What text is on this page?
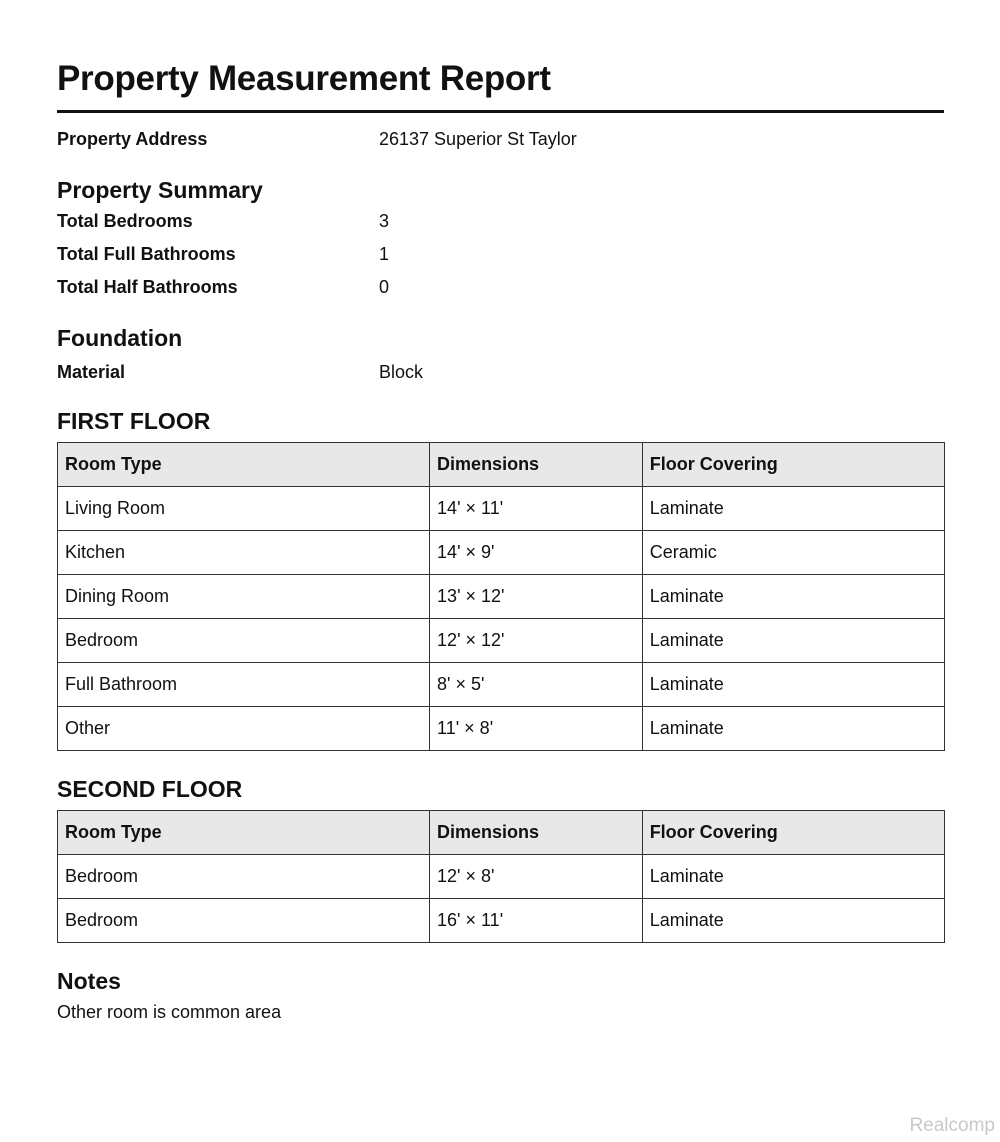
Property Measurement Report
Property Address	26137 Superior St Taylor
Property Summary
Total Bedrooms	3
Total Full Bathrooms	1
Total Half Bathrooms	0
Foundation
Material	Block
FIRST FLOOR
Room Type	Dimensions	Floor Covering
Living Room	14' × 11'	Laminate
Kitchen	14' × 9'	Ceramic
Dining Room	13' × 12'	Laminate
Bedroom	12' × 12'	Laminate
Full Bathroom	8' × 5'	Laminate
Other	11' × 8'	Laminate
SECOND FLOOR
Room Type	Dimensions	Floor Covering
Bedroom	12' × 8'	Laminate
Bedroom	16' × 11'	Laminate
Notes
Other room is common area
Realcomp
